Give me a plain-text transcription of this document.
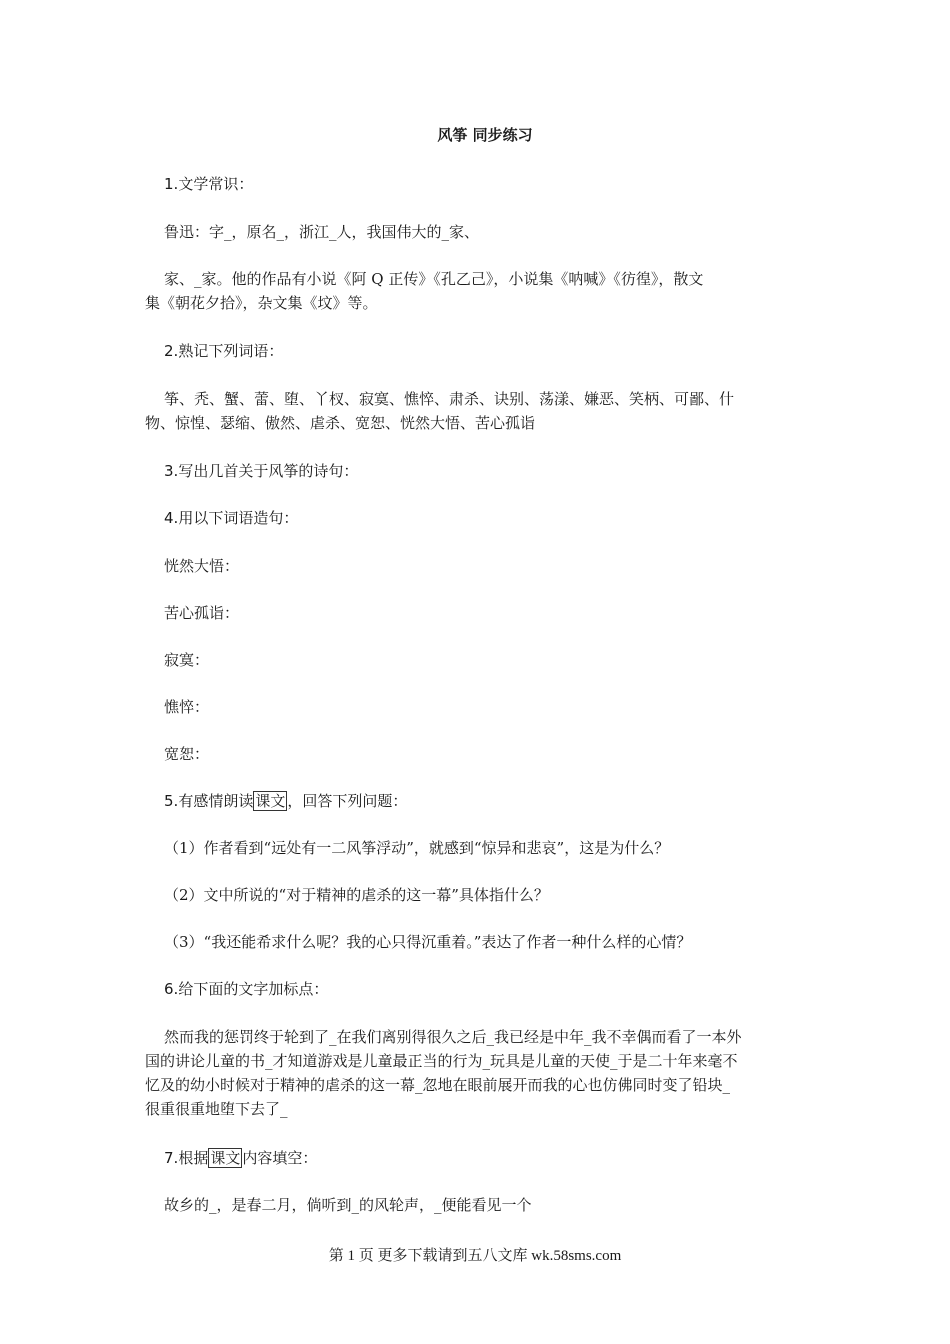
风筝 同步练习
1.文学常识：
鲁迅：字_，原名_，浙江_人，我国伟大的_家、
家、_家。他的作品有小说《阿 Q 正传》《孔乙己》，小说集《呐喊》《彷徨》，散文
集《朝花夕拾》，杂文集《坟》等。
2.熟记下列词语：
筝、秃、蟹、蕾、堕、丫杈、寂寞、憔悴、肃杀、诀别、荡漾、嫌恶、笑柄、可鄙、什
物、惊惶、瑟缩、傲然、虐杀、宽恕、恍然大悟、苦心孤诣
3.写出几首关于风筝的诗句：
4.用以下词语造句：
恍然大悟：
苦心孤诣：
寂寞：
憔悴：
宽恕：
5.有感情朗读 课文 ，回答下列问题：
（1）作者看到“远处有一二风筝浮动”，就感到“惊异和悲哀”，这是为什么？
（2）文中所说的“对于精神的虐杀的这一幕”具体指什么？
（3）“我还能希求什么呢？我的心只得沉重着。”表达了作者一种什么样的心情？
6.给下面的文字加标点：
然而我的惩罚终于轮到了_在我们离别得很久之后_我已经是中年_我不幸偶而看了一本外
国的讲论儿童的书_才知道游戏是儿童最正当的行为_玩具是儿童的天使_于是二十年来毫不
忆及的幼小时候对于精神的虐杀的这一幕_忽地在眼前展开而我的心也仿佛同时变了铅块_
很重很重地堕下去了_
7.根据 课文 内容填空：
故乡的_，是春二月，倘听到_的风轮声，_便能看见一个
第 1 页 更多下载请到五八文库 wk.58sms.com
